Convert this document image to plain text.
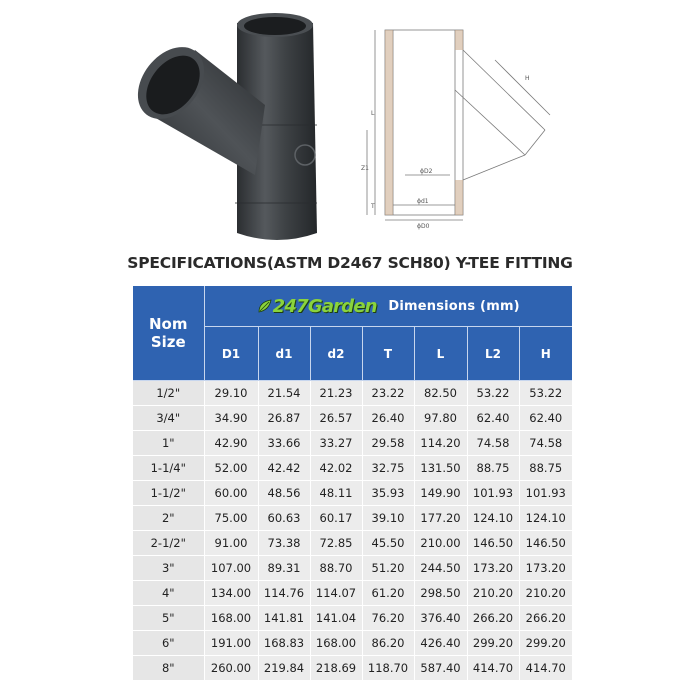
ϕD2
ϕd1
ϕD0
Z1
L
H
T
SPECIFICATIONS(ASTM D2467 SCH80) Y-TEE FITTING
Nom Size	247Garden Dimensions (mm)						
	D1	d1	d2	T	L	L2	H
1/2"	29.10	21.54	21.23	23.22	82.50	53.22	53.22
3/4"	34.90	26.87	26.57	26.40	97.80	62.40	62.40
1"	42.90	33.66	33.27	29.58	114.20	74.58	74.58
1-1/4"	52.00	42.42	42.02	32.75	131.50	88.75	88.75
1-1/2"	60.00	48.56	48.11	35.93	149.90	101.93	101.93
2"	75.00	60.63	60.17	39.10	177.20	124.10	124.10
2-1/2"	91.00	73.38	72.85	45.50	210.00	146.50	146.50
3"	107.00	89.31	88.70	51.20	244.50	173.20	173.20
4"	134.00	114.76	114.07	61.20	298.50	210.20	210.20
5"	168.00	141.81	141.04	76.20	376.40	266.20	266.20
6"	191.00	168.83	168.00	86.20	426.40	299.20	299.20
8"	260.00	219.84	218.69	118.70	587.40	414.70	414.70
